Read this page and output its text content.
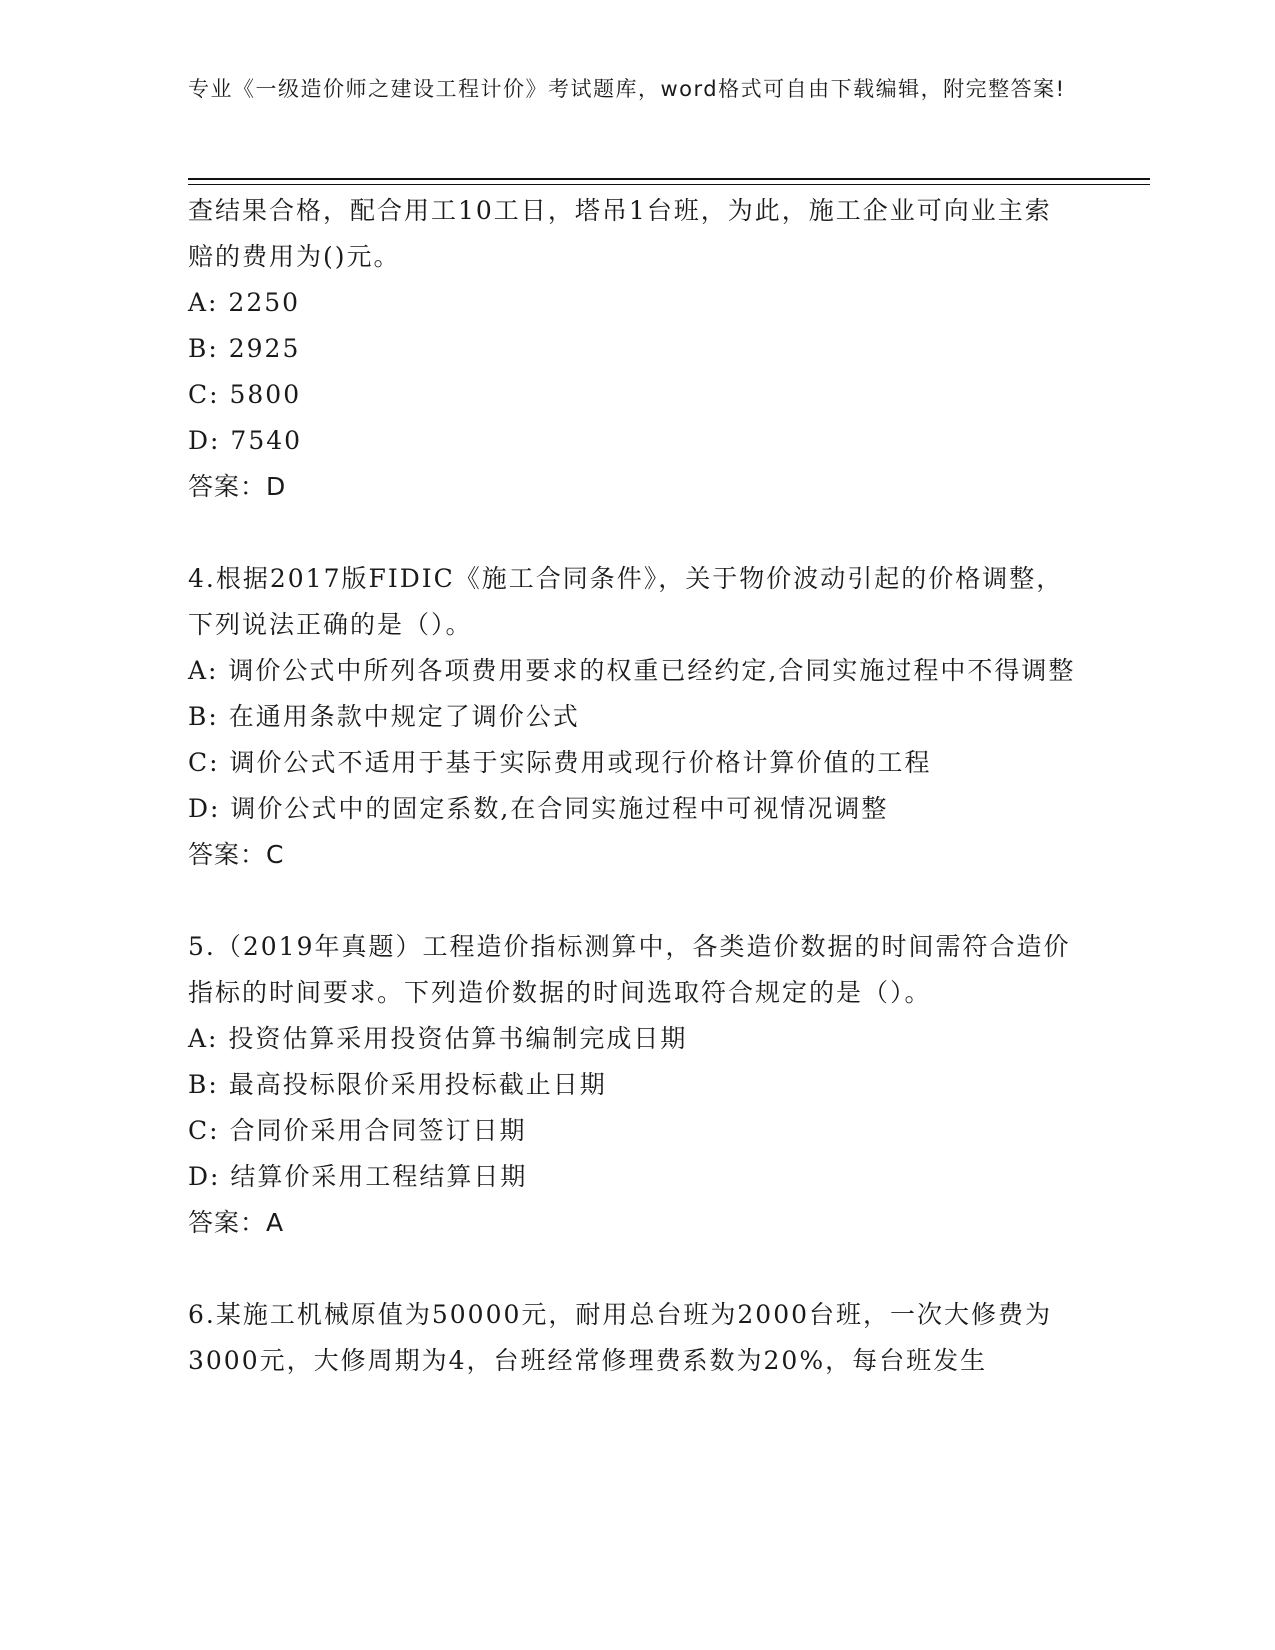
专业《一级造价师之建设工程计价》考试题库，word格式可自由下载编辑，附完整答案!

查结果合格，配合用工10工日，塔吊1台班，为此，施工企业可向业主索赔的费用为()元。

A: 2250

B: 2925

C: 5800

D: 7540

答案：D

4.根据2017版FIDIC《施工合同条件》，关于物价波动引起的价格调整，下列说法正确的是（）。

A: 调价公式中所列各项费用要求的权重已经约定,合同实施过程中不得调整

B: 在通用条款中规定了调价公式

C: 调价公式不适用于基于实际费用或现行价格计算价值的工程

D: 调价公式中的固定系数,在合同实施过程中可视情况调整

答案：C

5.（2019年真题）工程造价指标测算中，各类造价数据的时间需符合造价指标的时间要求。下列造价数据的时间选取符合规定的是（）。

A: 投资估算采用投资估算书编制完成日期

B: 最高投标限价采用投标截止日期

C: 合同价采用合同签订日期

D: 结算价采用工程结算日期

答案：A

6.某施工机械原值为50000元，耐用总台班为2000台班，一次大修费为3000元，大修周期为4，台班经常修理费系数为20%，每台班发生
